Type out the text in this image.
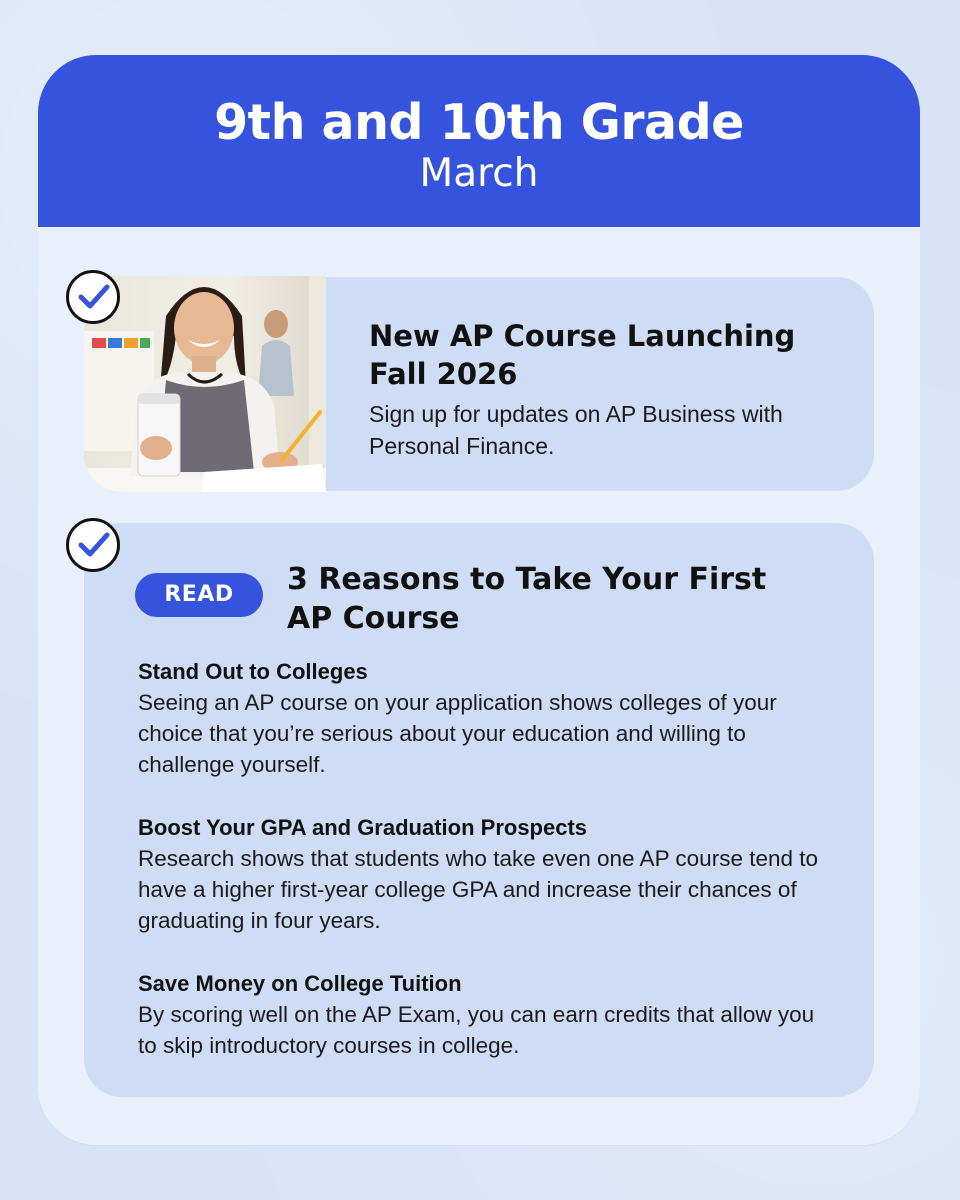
9th and 10th Grade
March
New AP Course Launching Fall 2026
Sign up for updates on AP Business with Personal Finance.
READ	3 Reasons to Take Your First AP Course
Stand Out to Colleges
Seeing an AP course on your application shows colleges of your choice that you’re serious about your education and willing to challenge yourself.
Boost Your GPA and Graduation Prospects
Research shows that students who take even one AP course tend to have a higher first-year college GPA and increase their chances of graduating in four years.
Save Money on College Tuition
By scoring well on the AP Exam, you can earn credits that allow you to skip introductory courses in college.
